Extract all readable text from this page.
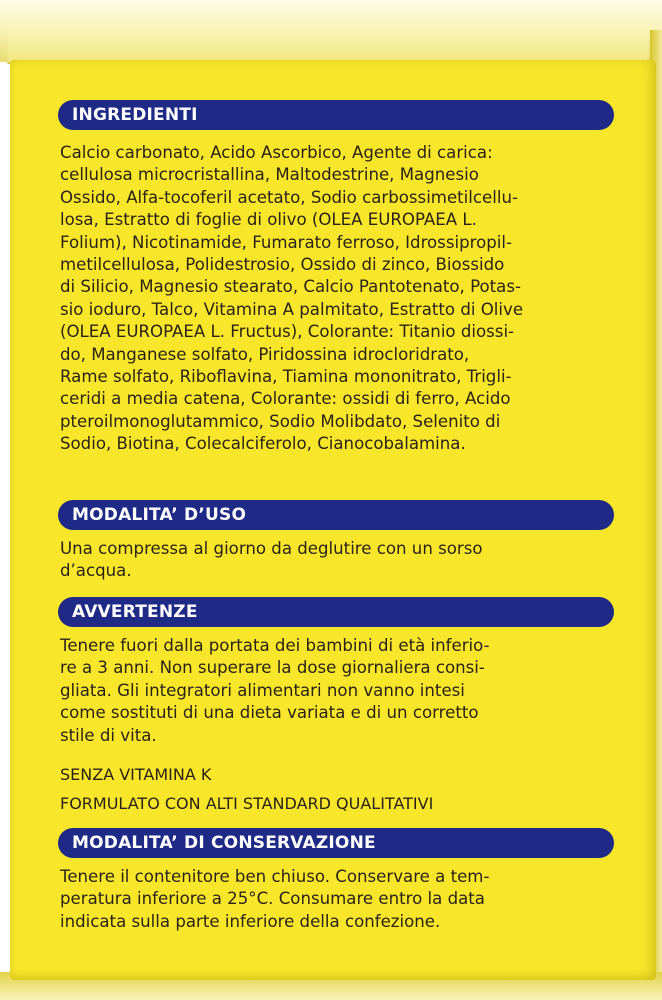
INGREDIENTI
Calcio carbonato, Acido Ascorbico, Agente di carica:
cellulosa microcristallina, Maltodestrine, Magnesio
Ossido, Alfa-tocoferil acetato, Sodio carbossimetilcellu-
losa, Estratto di foglie di olivo (OLEA EUROPAEA L.
Folium), Nicotinamide, Fumarato ferroso, Idrossipropil-
metilcellulosa, Polidestrosio, Ossido di zinco, Biossido
di Silicio, Magnesio stearato, Calcio Pantotenato, Potas-
sio ioduro, Talco, Vitamina A palmitato, Estratto di Olive
(OLEA EUROPAEA L. Fructus), Colorante: Titanio diossi-
do, Manganese solfato, Piridossina idrocloridrato,
Rame solfato, Riboflavina, Tiamina mononitrato, Trigli-
ceridi a media catena, Colorante: ossidi di ferro, Acido
pteroilmonoglutammico, Sodio Molibdato, Selenito di
Sodio, Biotina, Colecalciferolo, Cianocobalamina.
MODALITA’ D’USO
Una compressa al giorno da deglutire con un sorso
d’acqua.
AVVERTENZE
Tenere fuori dalla portata dei bambini di età inferio-
re a 3 anni. Non superare la dose giornaliera consi-
gliata. Gli integratori alimentari non vanno intesi
come sostituti di una dieta variata e di un corretto
stile di vita.
SENZA VITAMINA K
FORMULATO CON ALTI STANDARD QUALITATIVI
MODALITA’ DI CONSERVAZIONE
Tenere il contenitore ben chiuso. Conservare a tem-
peratura inferiore a 25°C. Consumare entro la data
indicata sulla parte inferiore della confezione.
